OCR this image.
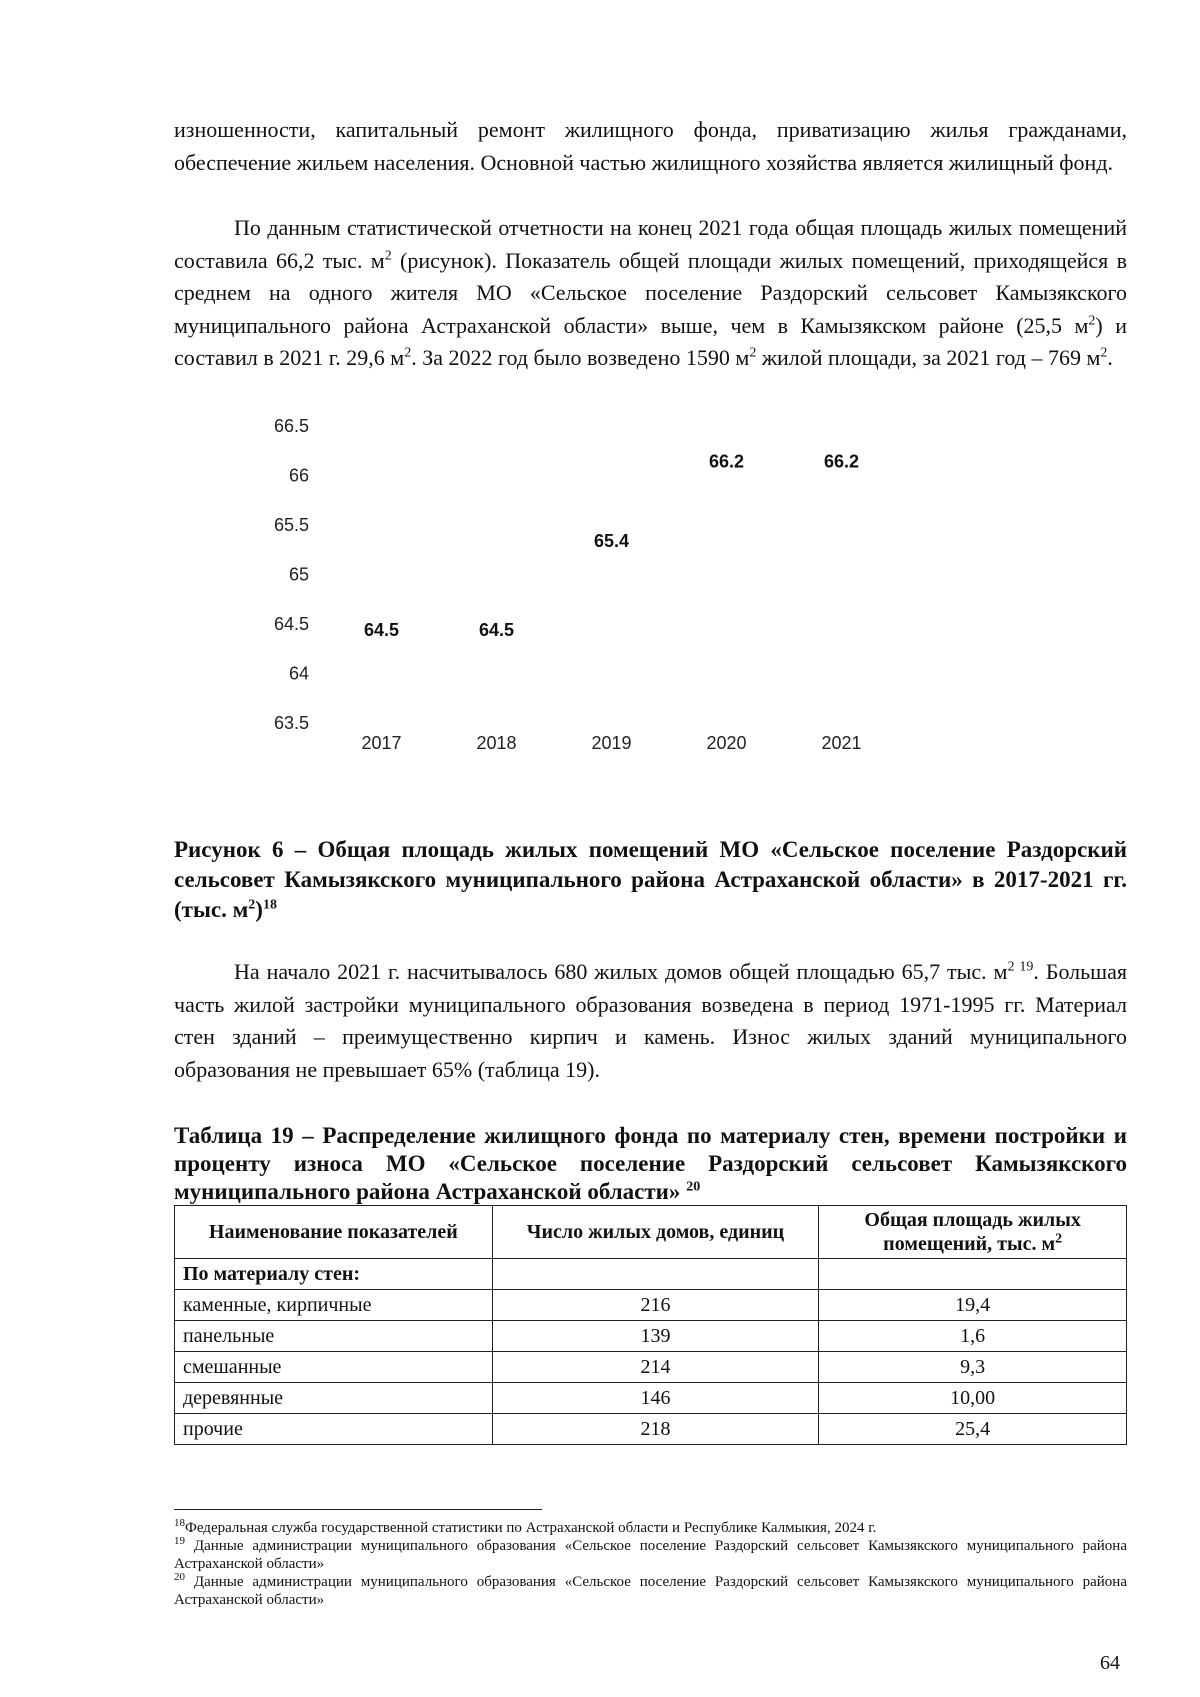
изношенности, капитальный ремонт жилищного фонда, приватизацию жилья гражданами, обеспечение жильем населения. Основной частью жилищного хозяйства является жилищный фонд.

По данным статистической отчетности на конец 2021 года общая площадь жилых помещений составила 66,2 тыс. $м^2$ (рисунок). Показатель общей площади жилых помещений, приходящейся в среднем на одного жителя МО «Сельское поселение Раздорский сельсовет Камызякского муниципального района Астраханской области» выше, чем в Камызякском районе (25,5 $м^2$) и составил в 2021 г. 29,6 $м^2$. За 2022 год было возведено 1590 $м^2$ жилой площади, за 2021 год – 769 $м^2$.

63.5
64
64.5
65
65.5
66
66.5
64.5
2017
64.5
2018
65.4
2019
66.2
2020
66.2
2021

Рисунок 6 – Общая площадь жилых помещений МО «Сельское поселение Раздорский сельсовет Камызякского муниципального района Астраханской области» в 2017-2021 гг. (тыс. $м^2)^{18}$

На начало 2021 г. насчитывалось 680 жилых домов общей площадью 65,7 тыс. $м^{2 19}$. Большая часть жилой застройки муниципального образования возведена в период 1971-1995 гг. Материал стен зданий – преимущественно кирпич и камень. Износ жилых зданий муниципального образования не превышает 65% (таблица 19).

Таблица 19 – Распределение жилищного фонда по материалу стен, времени постройки и проценту износа МО «Сельское поселение Раздорский сельсовет Камызякского муниципального района Астраханской области» $^{20}$

Наименование показателей	Число жилых домов, единиц	Общая площадь жилых помещений, тыс. $м^2$
По материалу стен:		
каменные, кирпичные	216	19,4
панельные	139	1,6
смешанные	214	9,3
деревянные	146	10,00
прочие	218	25,4

$^{18}$Федеральная служба государственной статистики по Астраханской области и Республике Калмыкия, 2024 г.

$^{19}$ Данные администрации муниципального образования «Сельское поселение Раздорский сельсовет Камызякского муниципального района Астраханской области»

$^{20}$ Данные администрации муниципального образования «Сельское поселение Раздорский сельсовет Камызякского муниципального района Астраханской области»

64
